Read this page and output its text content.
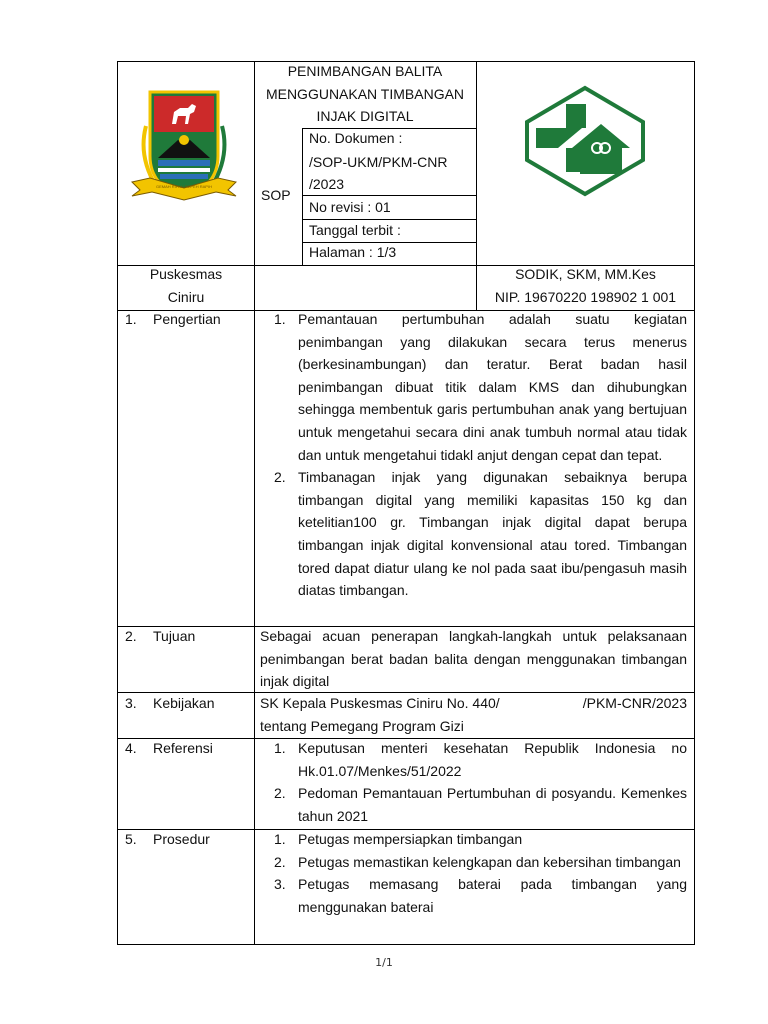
GEMAH RIPAH REPEH RAPIH
PENIMBANGAN BALITA MENGGUNAKAN TIMBANGAN INJAK DIGITAL
SOP
No. Dokumen :
/SOP-UKM/PKM-CNR /2023
No revisi : 01
Tanggal terbit :
Halaman : 1/3
Puskesmas
Ciniru
SODIK, SKM, MM.Kes
NIP. 19670220 198902 1 001
1. Pengertian	1. Pemantauan pertumbuhan adalah suatu kegiatan penimbangan yang dilakukan secara terus menerus (berkesinambungan) dan teratur. Berat badan hasil penimbangan dibuat titik dalam KMS dan dihubungkan sehingga membentuk garis pertumbuhan anak yang bertujuan untuk mengetahui secara dini anak tumbuh normal atau tidak dan untuk mengetahui tidakl anjut dengan cepat dan tepat.
2. Timbanagan injak yang digunakan sebaiknya berupa timbangan digital yang memiliki kapasitas 150 kg dan ketelitian100 gr. Timbangan injak digital dapat berupa timbangan injak digital konvensional atau tored. Timbangan tored dapat diatur ulang ke nol pada saat ibu/pengasuh masih diatas timbangan.
2. Tujuan	Sebagai acuan penerapan langkah-langkah untuk pelaksanaan penimbangan berat badan balita dengan menggunakan timbangan injak digital
3. Kebijakan	SK Kepala Puskesmas Ciniru No. 440/	/PKM-CNR/2023
tentang Pemegang Program Gizi
4. Referensi	1. Keputusan menteri kesehatan Republik Indonesia no Hk.01.07/Menkes/51/2022
2. Pedoman Pemantauan Pertumbuhan di posyandu. Kemenkes tahun 2021
5. Prosedur	1. Petugas mempersiapkan timbangan
2. Petugas memastikan kelengkapan dan kebersihan timbangan
3. Petugas memasang baterai pada timbangan yang menggunakan baterai
1/1
